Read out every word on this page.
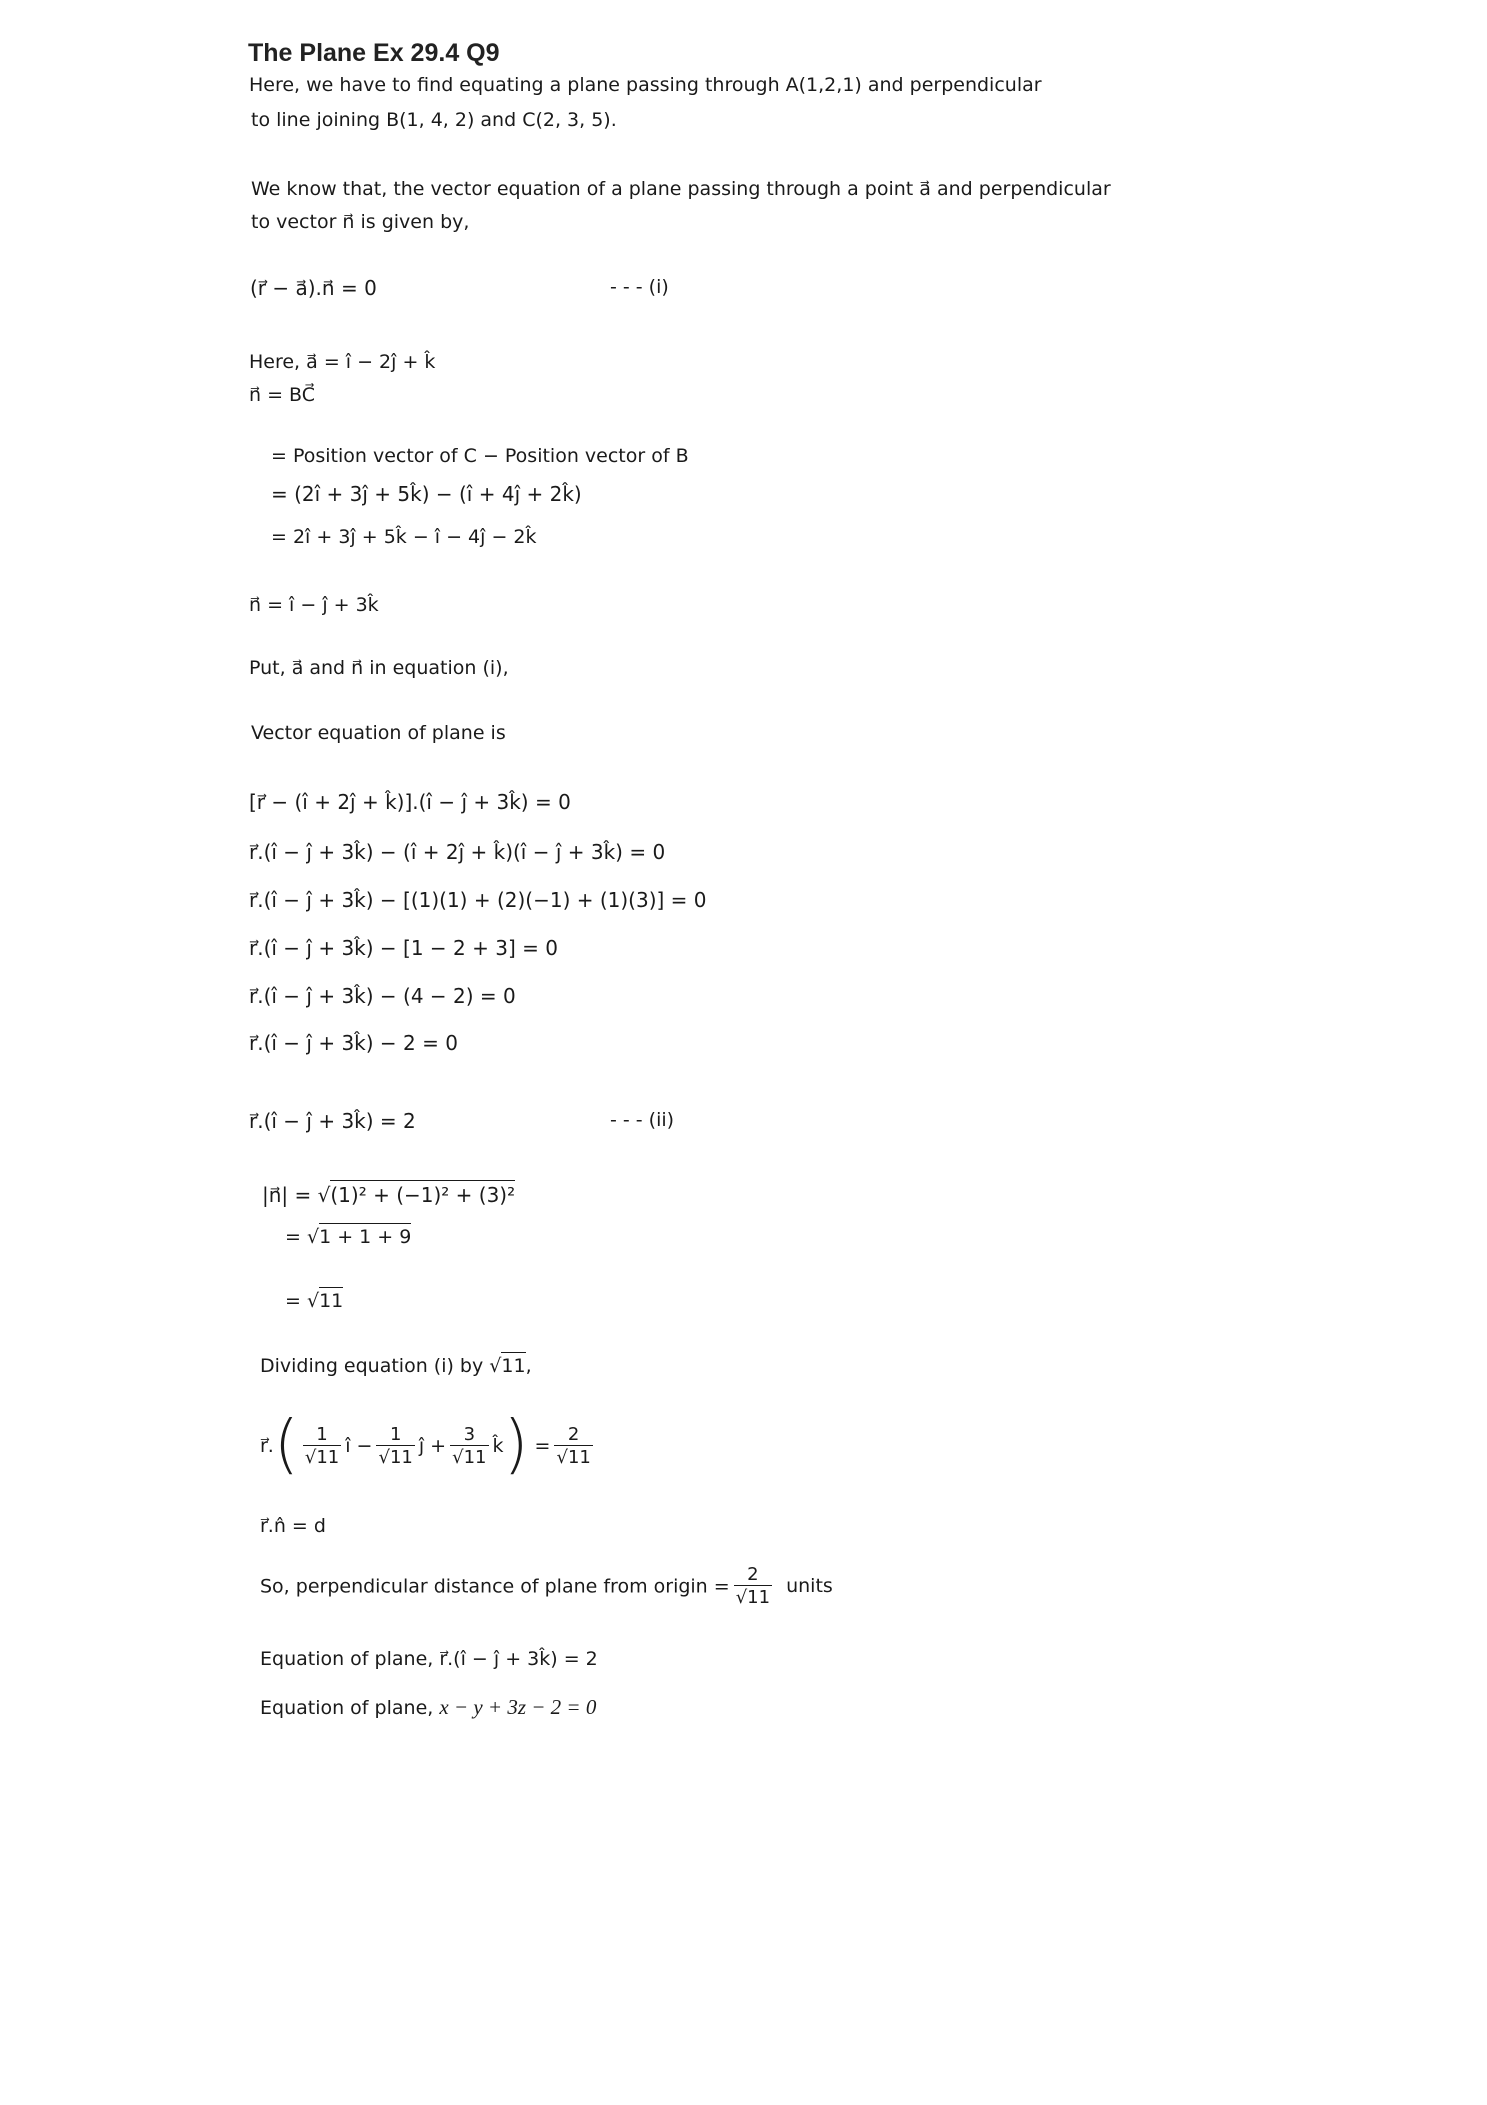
The Plane Ex 29.4 Q9
Here, we have to find equating a plane passing through A(1,2,1) and perpendicular
to line joining B(1, 4, 2) and C(2, 3, 5).
We know that, the vector equation of a plane passing through a point a⃗ and perpendicular
to vector n⃗ is given by,
(r⃗ − a⃗).n⃗ = 0	- - - (i)
Here, a⃗ = î − 2ĵ + k̂
n⃗ = BC⃗
= Position vector of C − Position vector of B
= (2î + 3ĵ + 5k̂) − (î + 4ĵ + 2k̂)
= 2î + 3ĵ + 5k̂ − î − 4ĵ − 2k̂
n⃗ = î − ĵ + 3k̂
Put, a⃗ and n⃗ in equation (i),
Vector equation of plane is
[r⃗ − (î + 2ĵ + k̂)].(î − ĵ + 3k̂) = 0
r⃗.(î − ĵ + 3k̂) − (î + 2ĵ + k̂)(î − ĵ + 3k̂) = 0
r⃗.(î − ĵ + 3k̂) − [(1)(1) + (2)(−1) + (1)(3)] = 0
r⃗.(î − ĵ + 3k̂) − [1 − 2 + 3] = 0
r⃗.(î − ĵ + 3k̂) − (4 − 2) = 0
r⃗.(î − ĵ + 3k̂) − 2 = 0
r⃗.(î − ĵ + 3k̂) = 2	- - - (ii)
|n⃗| = √(1)² + (−1)² + (3)²
= √1 + 1 + 9
= √11
Dividing equation (i) by √11,
r⃗.( $\frac{1}{√11}$ î − $\frac{1}{√11}$ ĵ + $\frac{3}{√11}$ k̂) = $\frac{2}{√11}$
r⃗.n̂ = d
So, perpendicular distance of plane from origin = $\frac{2}{√11}$ units
Equation of plane, r⃗.(î − ĵ + 3k̂) = 2
Equation of plane, x − y + 3z − 2 = 0
